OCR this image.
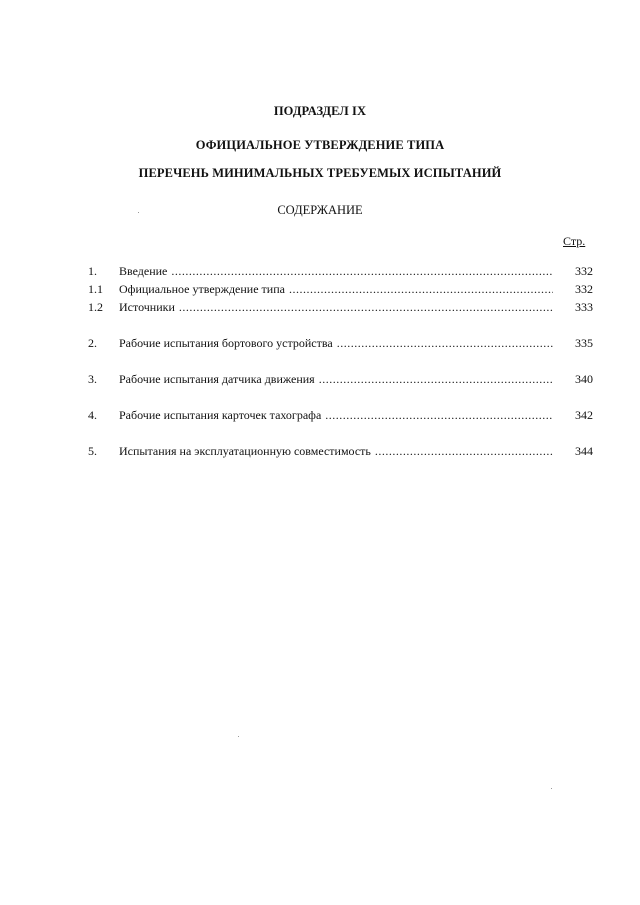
ПОДРАЗДЕЛ IX
ОФИЦИАЛЬНОЕ УТВЕРЖДЕНИЕ ТИПА
ПЕРЕЧЕНЬ МИНИМАЛЬНЫХ ТРЕБУЕМЫХ ИСПЫТАНИЙ
СОДЕРЖАНИЕ
Стр.
1.	Введение .....	332
1.1	Официальное утверждение типа .....	332
1.2	Источники .....	333
2.	Рабочие испытания бортового устройства .....	335
3.	Рабочие испытания датчика движения .....	340
4.	Рабочие испытания карточек тахографа .....	342
5.	Испытания на эксплуатационную совместимость .....	344
